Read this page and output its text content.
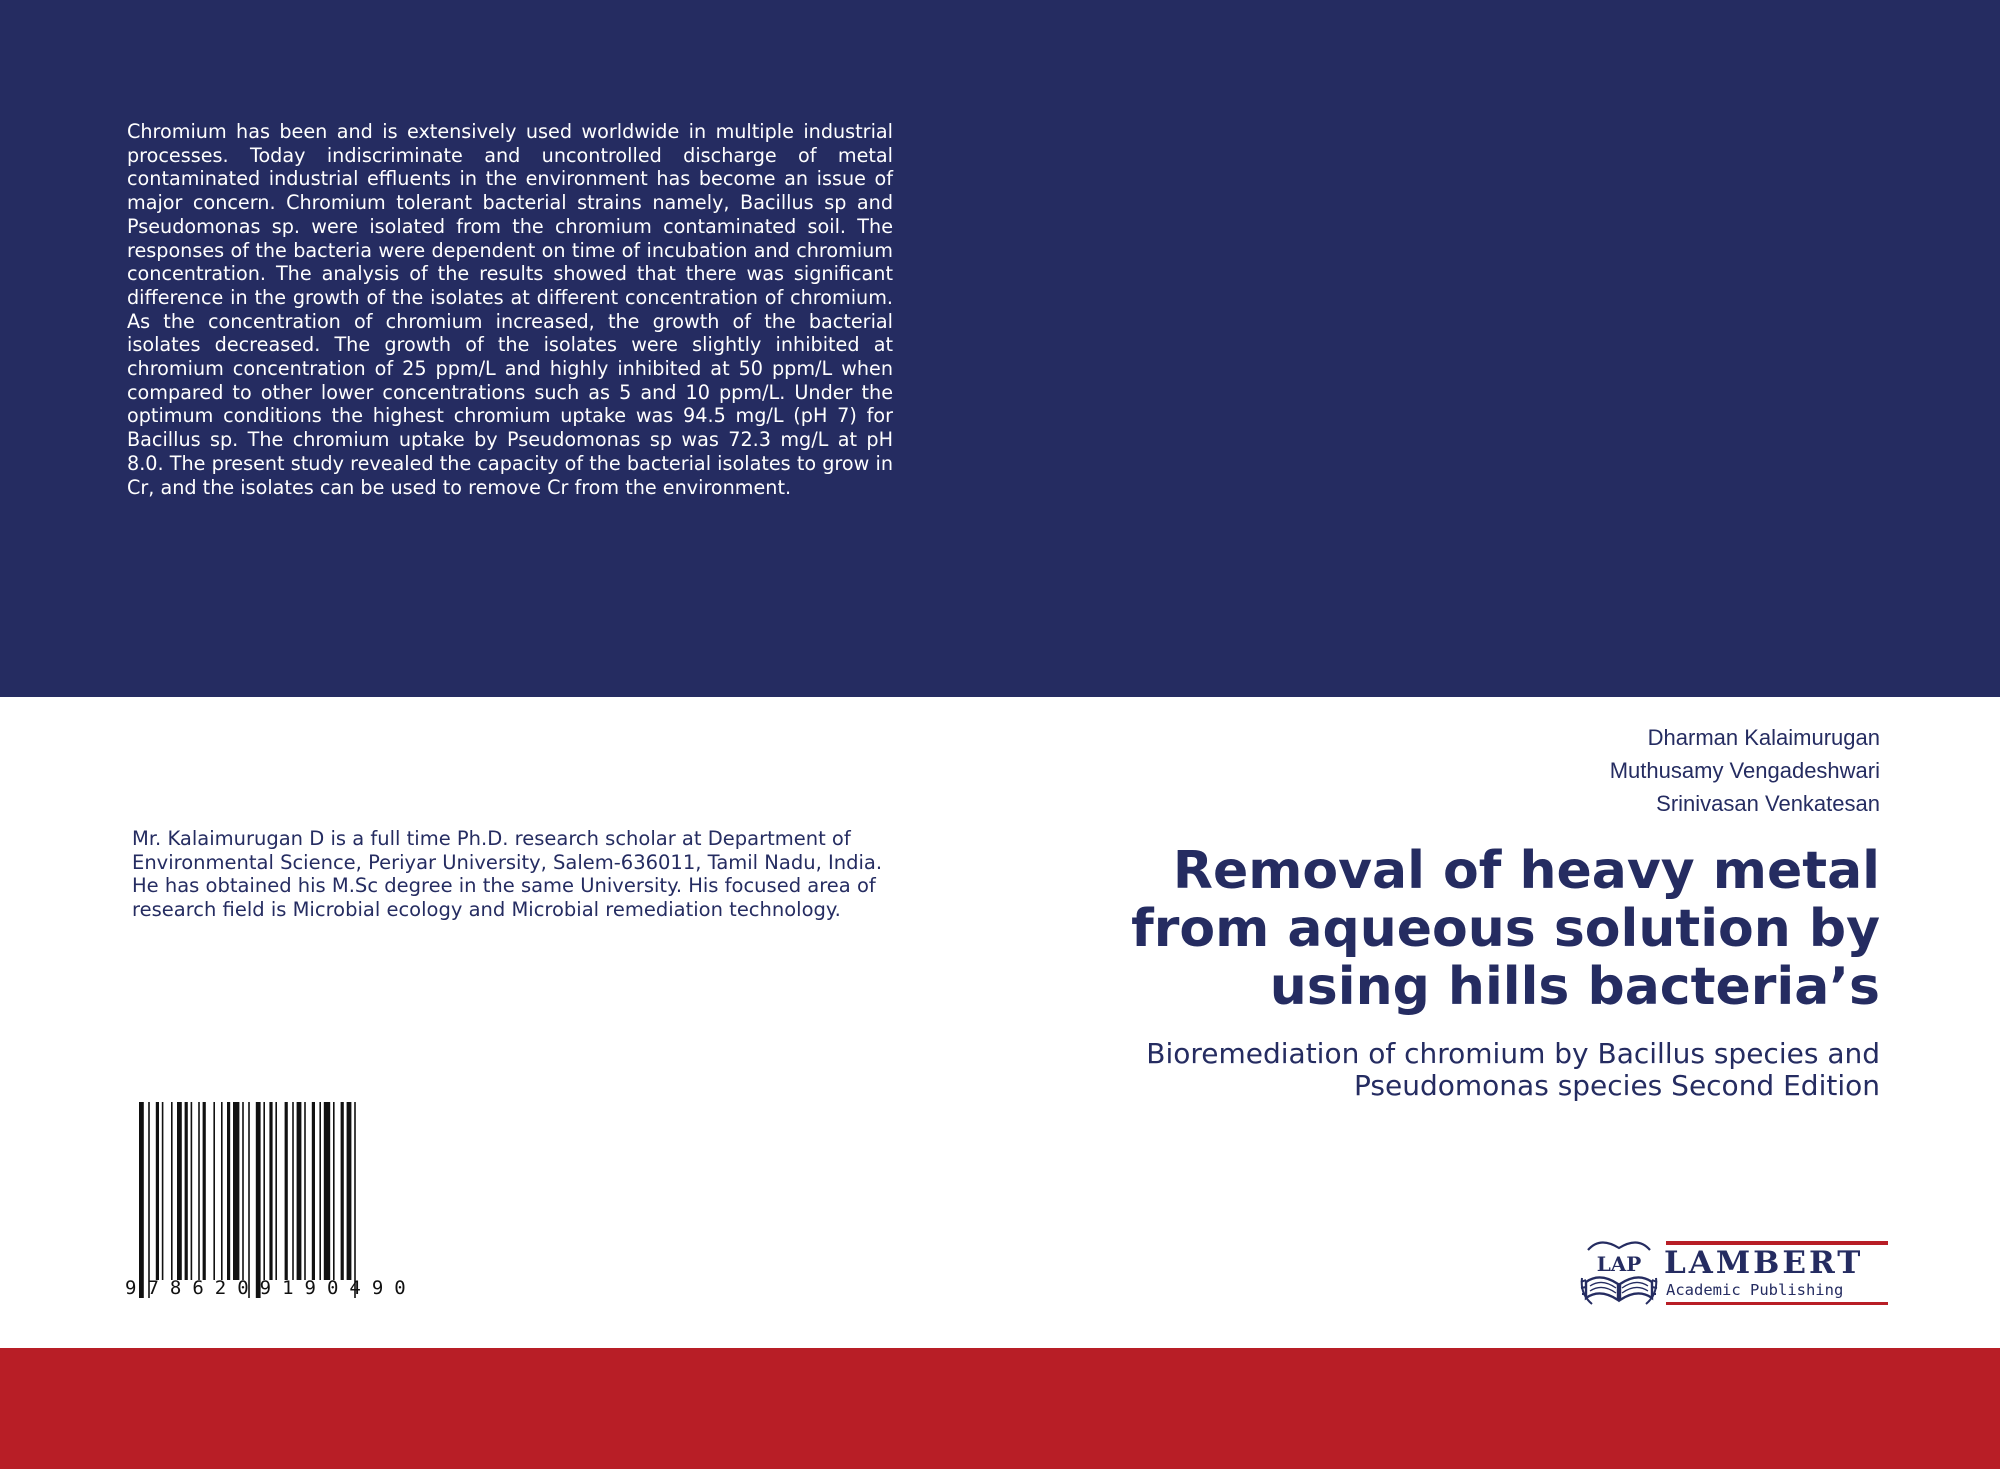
Chromium has been and is extensively used worldwide in multiple industrial processes. Today indiscriminate and uncontrolled discharge of metal contaminated industrial effluents in the environment has become an issue of major concern. Chromium tolerant bacterial strains namely, Bacillus sp and Pseudomonas sp. were isolated from the chromium contaminated soil. The responses of the bacteria were dependent on time of incubation and chromium concentration. The analysis of the results showed that there was significant difference in the growth of the isolates at different concentration of chromium. As the concentration of chromium increased, the growth of the bacterial isolates decreased. The growth of the isolates were slightly inhibited at chromium concentration of 25 ppm/L and highly inhibited at 50 ppm/L when compared to other lower concentrations such as 5 and 10 ppm/L. Under the optimum conditions the highest chromium uptake was 94.5 mg/L (pH 7) for Bacillus sp. The chromium uptake by Pseudomonas sp was 72.3 mg/L at pH 8.0. The present study revealed the capacity of the bacterial isolates to grow in Cr, and the isolates can be used to remove Cr from the environment.

Mr. Kalaimurugan D is a full time Ph.D. research scholar at Department of Environmental Science, Periyar University, Salem-636011, Tamil Nadu, India. He has obtained his M.Sc degree in the same University. His focused area of research field is Microbial ecology and Microbial remediation technology.

Dharman Kalaimurugan
Muthusamy Vengadeshwari
Srinivasan Venkatesan
Removal of heavy metal
from aqueous solution by
using hills bacteria’s

Bioremediation of chromium by Bacillus species and
Pseudomonas species Second Edition

9786209190490
LAP LAMBERT
Academic Publishing
